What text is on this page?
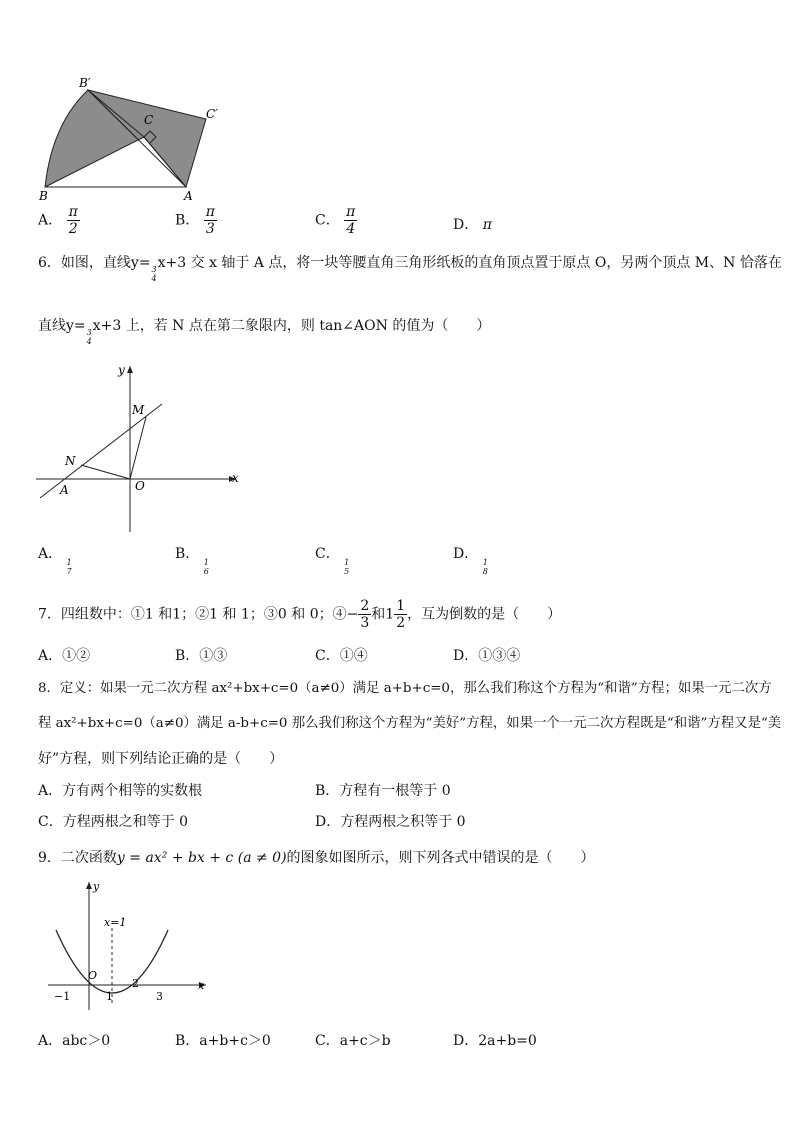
B′
C	C′
B	A
A． $\frac{\pi}{2}$	B． $\frac{\pi}{3}$	C． $\frac{\pi}{4}$	D． π
6．如图，直线y= 3
4
x+3 交 x 轴于 A 点，将一块等腰直角三角形纸板的直角顶点置于原点 O，另两个顶点 M、N 恰落在
直线y= 3
4
x+3 上，若 N 点在第二象限内，则 tan∠AON 的值为（　　）
y
M
N
A	O
x
A．
1
7
B．
1
6
C．
1
5
D．
1
8
7．四组数中：①1 和1；②1 和 1；③0 和 0；④− $\frac{2}{3}$ 和$1 \frac{1}{2}$ ，互为倒数的是（　　）
A．①②	B．①③	C．①④	D．①③④
8．定义：如果一元二次方程 ax²+bx+c=0（a≠0）满足 a+b+c=0，那么我们称这个方程为“和谐”方程；如果一元二次方
程 ax²+bx+c=0（a≠0）满足 a-b+c=0 那么我们称这个方程为“美好”方程，如果一个一元二次方程既是“和谐”方程又是“美
好”方程，则下列结论正确的是（　　）
A．方有两个相等的实数根	B．方程有一根等于 0
C．方程两根之和等于 0	D．方程两根之积等于 0
9．二次函数y = ax² + bx + c (a ≠ 0)的图象如图所示，则下列各式中错误的是（　　）
y
x=1
O
x
−1	1
2
3
A．abc＞0	B．a+b+c＞0	C．a+c＞b	D．2a+b=0
